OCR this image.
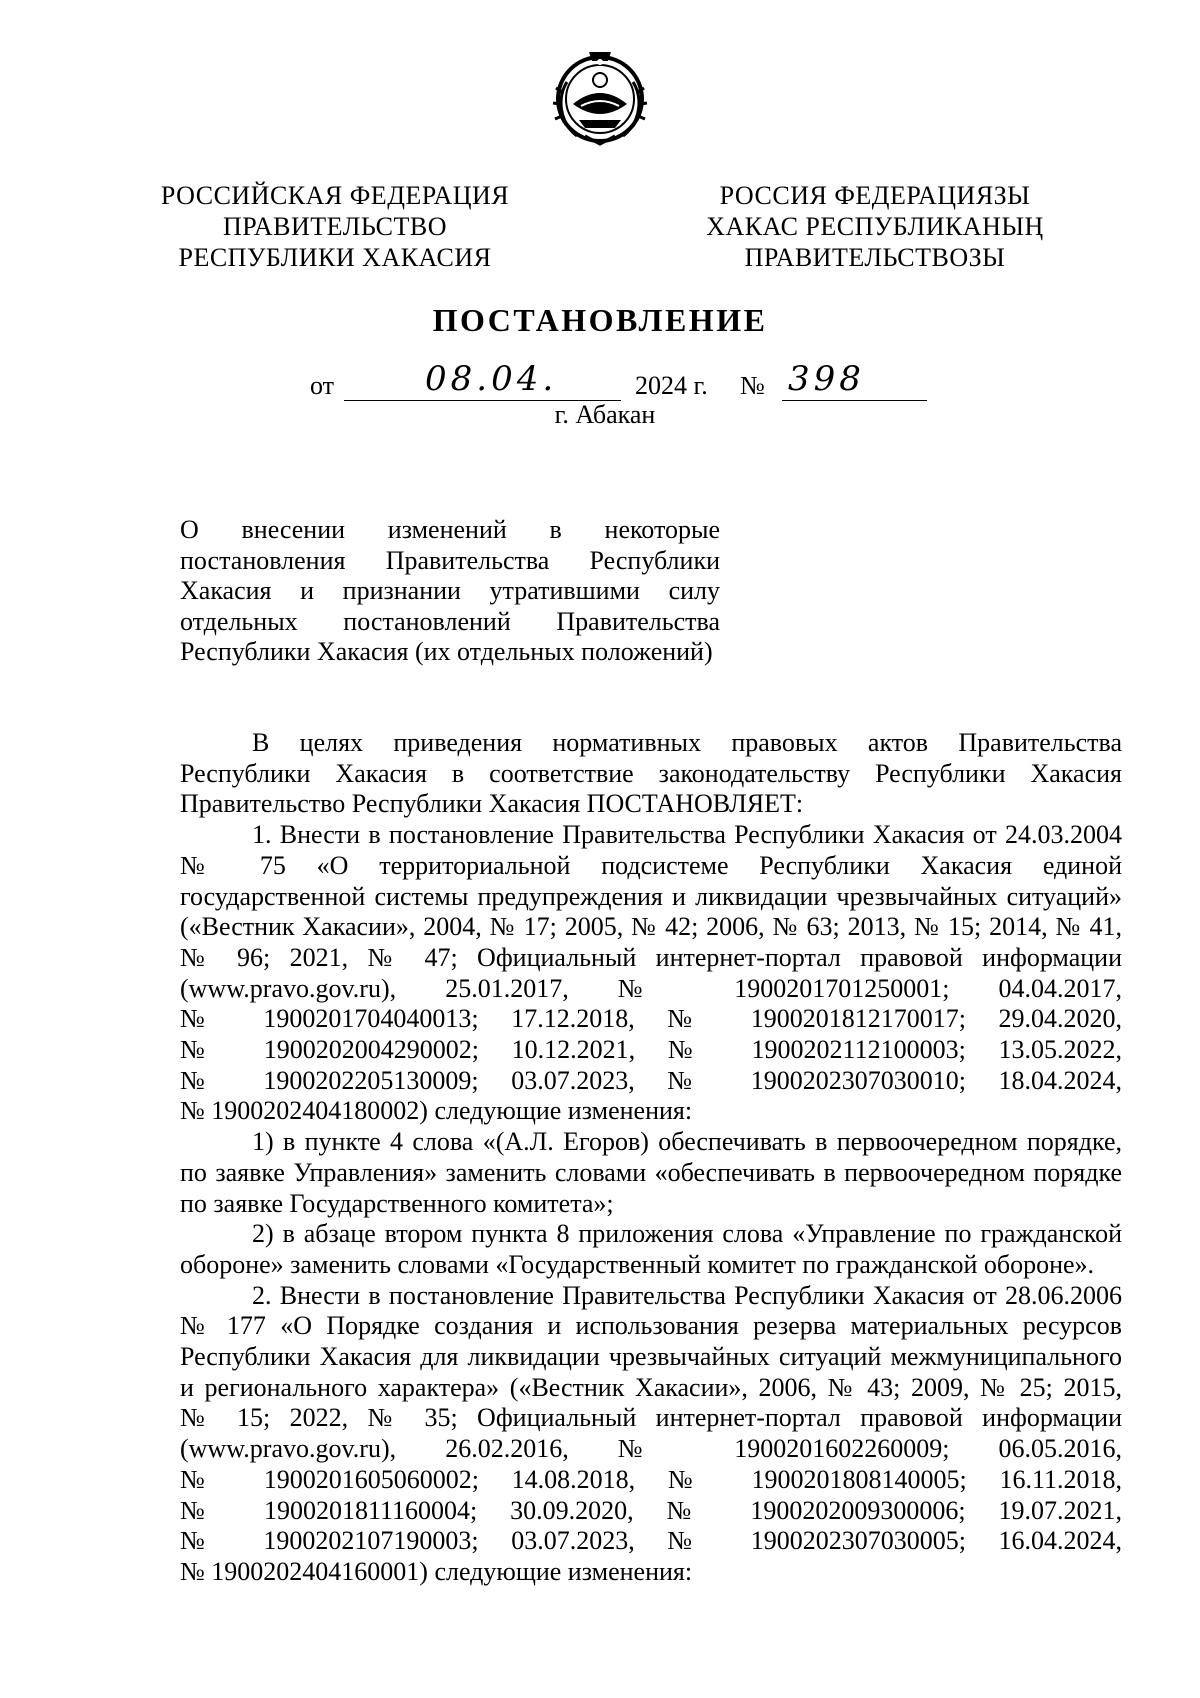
РОССИЙСКАЯ ФЕДЕРАЦИЯ
ПРАВИТЕЛЬСТВО
РЕСПУБЛИКИ ХАКАСИЯ
РОССИЯ ФЕДЕРАЦИЯЗЫ
ХАКАС РЕСПУБЛИКАНЫҢ
ПРАВИТЕЛЬСТВОЗЫ
ПОСТАНОВЛЕНИЕ
от	08.04.	2024 г. № 398
г. Абакан
О внесении изменений в некоторые
постановления Правительства Республики
Хакасия и признании утратившими силу
отдельных постановлений Правительства
Республики Хакасия (их отдельных положений)
В целях приведения нормативных правовых актов Правительства
Республики Хакасия в соответствие законодательству Республики Хакасия
Правительство Республики Хакасия ПОСТАНОВЛЯЕТ:
1. Внести в постановление Правительства Республики Хакасия от 24.03.2004
№ 75 «О территориальной подсистеме Республики Хакасия единой
государственной системы предупреждения и ликвидации чрезвычайных ситуаций»
(«Вестник Хакасии», 2004, № 17; 2005, № 42; 2006, № 63; 2013, № 15; 2014, № 41,
№ 96; 2021, № 47; Официальный интернет-портал правовой информации
(www.pravo.gov.ru), 25.01.2017, № 1900201701250001; 04.04.2017,
№ 1900201704040013; 17.12.2018, № 1900201812170017; 29.04.2020,
№ 1900202004290002; 10.12.2021, № 1900202112100003; 13.05.2022,
№ 1900202205130009; 03.07.2023, № 1900202307030010; 18.04.2024,
№ 1900202404180002) следующие изменения:
1) в пункте 4 слова «(А.Л. Егоров) обеспечивать в первоочередном порядке,
по заявке Управления» заменить словами «обеспечивать в первоочередном порядке
по заявке Государственного комитета»;
2) в абзаце втором пункта 8 приложения слова «Управление по гражданской
обороне» заменить словами «Государственный комитет по гражданской обороне».
2. Внести в постановление Правительства Республики Хакасия от 28.06.2006
№ 177 «О Порядке создания и использования резерва материальных ресурсов
Республики Хакасия для ликвидации чрезвычайных ситуаций межмуниципального
и регионального характера» («Вестник Хакасии», 2006, № 43; 2009, № 25; 2015,
№ 15; 2022, № 35; Официальный интернет-портал правовой информации
(www.pravo.gov.ru), 26.02.2016, № 1900201602260009; 06.05.2016,
№ 1900201605060002; 14.08.2018, № 1900201808140005; 16.11.2018,
№ 1900201811160004; 30.09.2020, № 1900202009300006; 19.07.2021,
№ 1900202107190003; 03.07.2023, № 1900202307030005; 16.04.2024,
№ 1900202404160001) следующие изменения:
